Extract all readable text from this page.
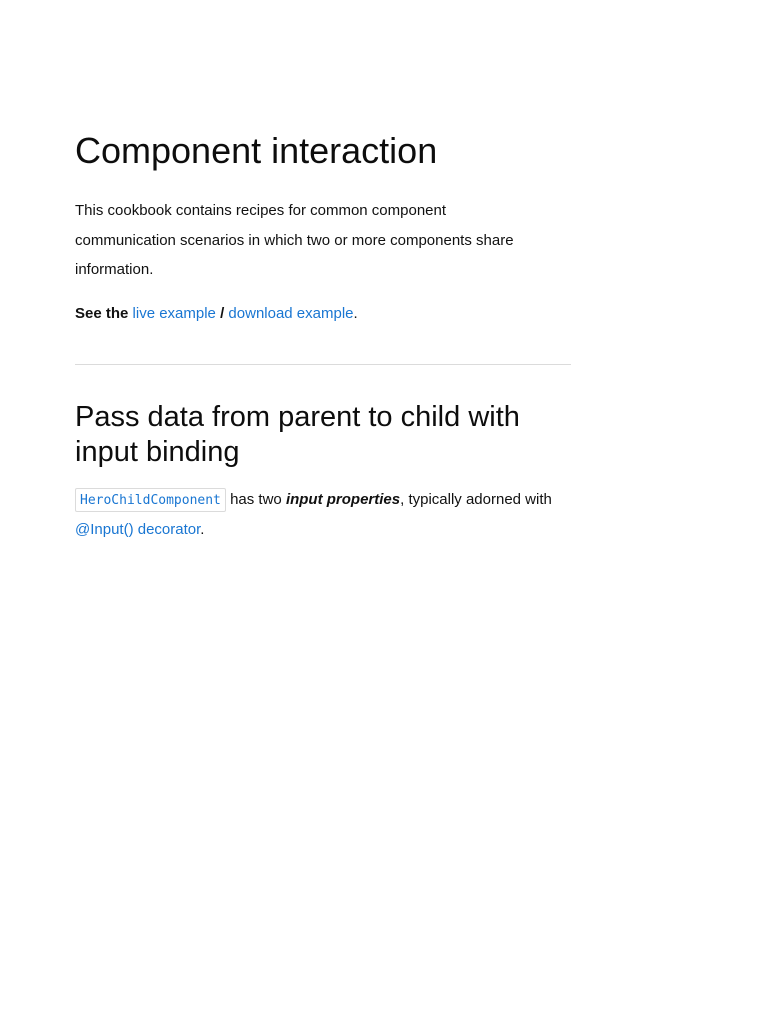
Component interaction

This cookbook contains recipes for common component communication scenarios in which two or more components share information.

See the live example / download example.

Pass data from parent to child with input binding

HeroChildComponent has two input properties, typically adorned with @Input() decorator.
